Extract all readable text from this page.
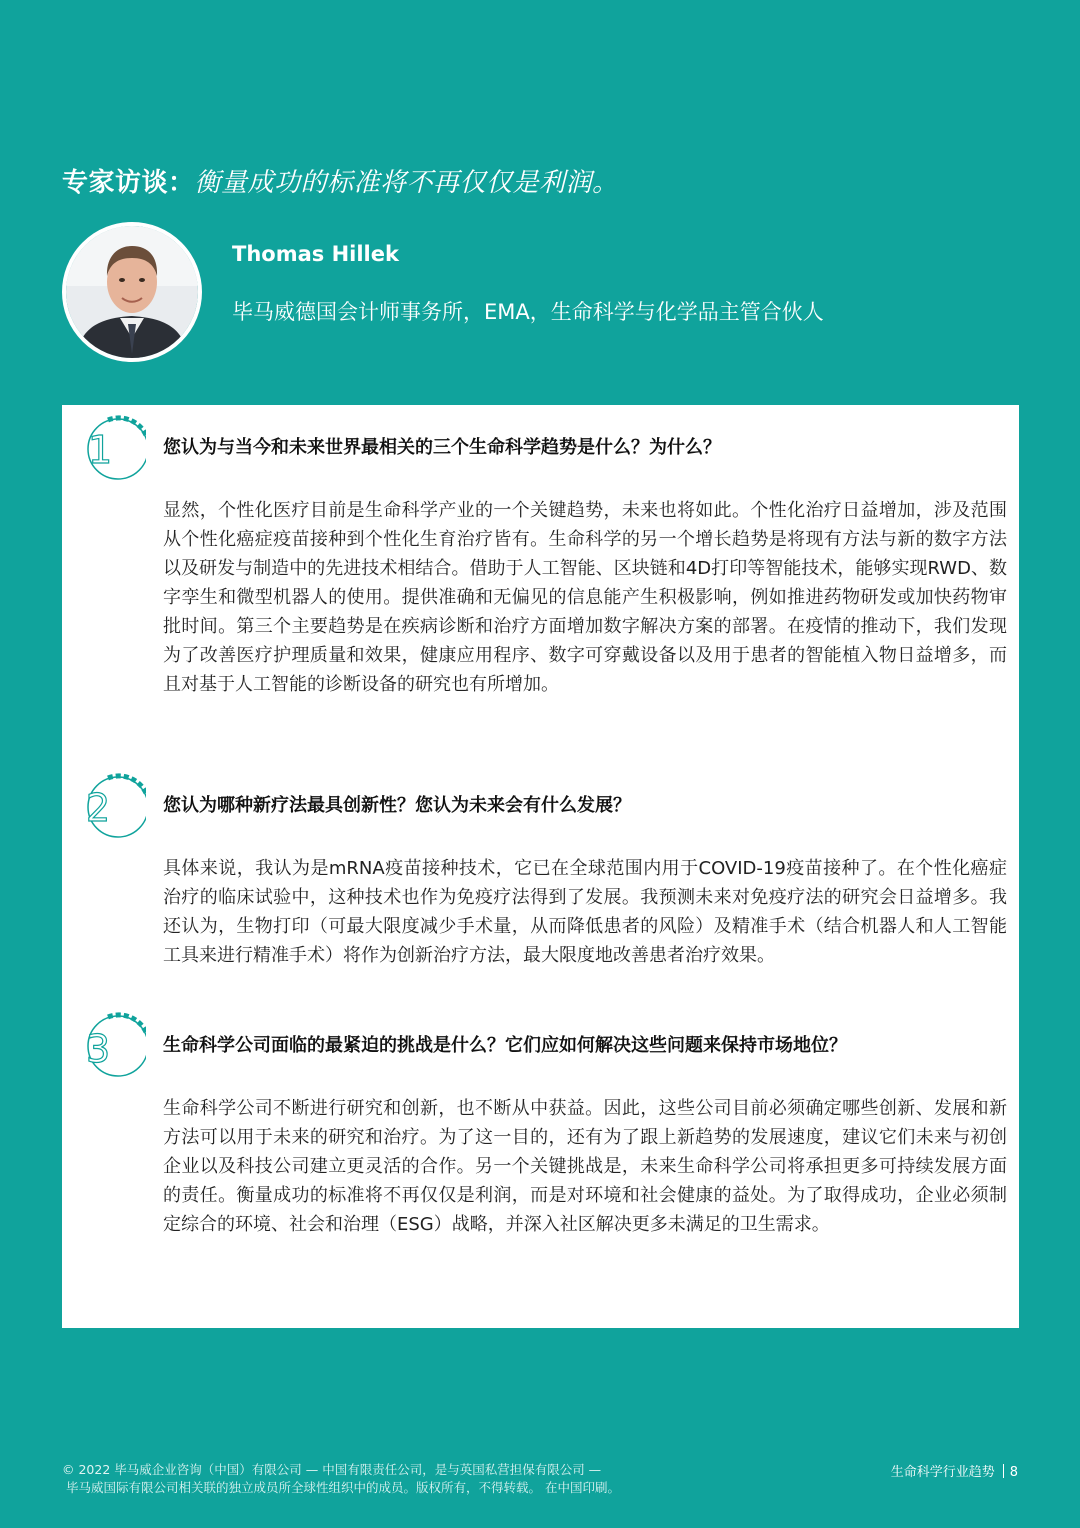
专家访谈：衡量成功的标准将不再仅仅是利润。
Thomas Hillek
毕马威德国会计师事务所，EMA，生命科学与化学品主管合伙人
1	您认为与当今和未来世界最相关的三个生命科学趋势是什么？为什么？

显然，个性化医疗目前是生命科学产业的一个关键趋势，未来也将如此。个性化治疗日益增加，涉及范围从个性化癌症疫苗接种到个性化生育治疗皆有。生命科学的另一个增长趋势是将现有方法与新的数字方法以及研发与制造中的先进技术相结合。借助于人工智能、区块链和4D打印等智能技术，能够实现RWD、数字孪生和微型机器人的使用。提供准确和无偏见的信息能产生积极影响，例如推进药物研发或加快药物审批时间。第三个主要趋势是在疾病诊断和治疗方面增加数字解决方案的部署。在疫情的推动下，我们发现为了改善医疗护理质量和效果，健康应用程序、数字可穿戴设备以及用于患者的智能植入物日益增多，而且对基于人工智能的诊断设备的研究也有所增加。

2	您认为哪种新疗法最具创新性？您认为未来会有什么发展？

具体来说，我认为是mRNA疫苗接种技术，它已在全球范围内用于COVID-19疫苗接种了。在个性化癌症治疗的临床试验中，这种技术也作为免疫疗法得到了发展。我预测未来对免疫疗法的研究会日益增多。我还认为，生物打印（可最大限度减少手术量，从而降低患者的风险）及精准手术（结合机器人和人工智能工具来进行精准手术）将作为创新治疗方法，最大限度地改善患者治疗效果。

3	生命科学公司面临的最紧迫的挑战是什么？它们应如何解决这些问题来保持市场地位？

生命科学公司不断进行研究和创新，也不断从中获益。因此，这些公司目前必须确定哪些创新、发展和新方法可以用于未来的研究和治疗。为了这一目的，还有为了跟上新趋势的发展速度，建议它们未来与初创企业以及科技公司建立更灵活的合作。另一个关键挑战是，未来生命科学公司将承担更多可持续发展方面的责任。衡量成功的标准将不再仅仅是利润，而是对环境和社会健康的益处。为了取得成功，企业必须制定综合的环境、社会和治理（ESG）战略，并深入社区解决更多未满足的卫生需求。

© 2022 毕马威企业咨询（中国）有限公司 — 中国有限责任公司，是与英国私营担保有限公司 —
毕马威国际有限公司相关联的独立成员所全球性组织中的成员。版权所有，不得转载。 在中国印刷。
生命科学行业趋势 8
